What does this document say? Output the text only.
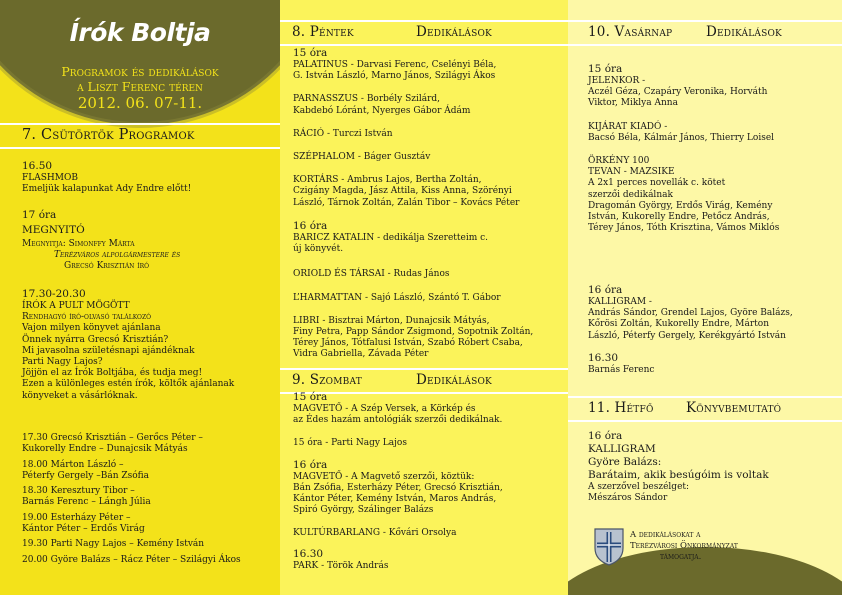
Írók Boltja
Programok és dedikálások
a Liszt Ferenc téren
2012. 06. 07-11.
7. Csütörtök Programok
16.50
FLASHMOB
Emeljük kalapunkat Ady Endre előtt!
17 óra
MEGNYITÓ
Megnyitja: Simonffy Márta
Terézváros alpolgármestere és
Grecsó Krisztián író
17.30-20.30
ÍRÓK A PULT MÖGÖTT
Rendhagyó író-olvasó találkozó
Vajon milyen könyvet ajánlana
Önnek nyárra Grecsó Krisztián?
Mi javasolna születésnapi ajándéknak
Parti Nagy Lajos?
Jöjjön el az Írók Boltjába, és tudja meg!
Ezen a különleges estén írók, költők ajánlanak
könyveket a vásárlóknak.
17.30 Grecsó Krisztián – Gerőcs Péter –
Kukorelly Endre – Dunajcsik Mátyás
18.00 Márton László –
Péterfy Gergely –Bán Zsófia
18.30 Keresztury Tibor –
Barnás Ferenc – Lángh Júlia
19.00 Esterházy Péter –
Kántor Péter – Erdős Virág
19.30 Parti Nagy Lajos – Kemény István
20.00 Györe Balázs – Rácz Péter – Szilágyi Ákos
8. Péntek	Dedikálások
15 óra
PALATINUS - Darvasi Ferenc, Cselényi Béla,
G. István László, Marno János, Szilágyi Ákos
PARNASSZUS - Borbély Szilárd,
Kabdebó Lóránt, Nyerges Gábor Ádám
RÁCIÓ - Turczi István
SZÉPHALOM - Báger Gusztáv
KORTÁRS - Ambrus Lajos, Bertha Zoltán,
Czigány Magda, Jász Attila, Kiss Anna, Szörényi
László, Tárnok Zoltán, Zalán Tibor – Kovács Péter
16 óra
BARICZ KATALIN - dedikálja Szeretteim c.
új könyvét.
ORIOLD ÉS TÁRSAI - Rudas János
L’HARMATTAN - Sajó László, Szántó T. Gábor
LIBRI - Bisztrai Márton, Dunajcsik Mátyás,
Finy Petra, Papp Sándor Zsigmond, Sopotnik Zoltán,
Térey János, Tótfalusi István, Szabó Róbert Csaba,
Vidra Gabriella, Závada Péter
9. Szombat	Dedikálások
15 óra
MAGVETŐ - A Szép Versek, a Körkép és
az Édes hazám antológiák szerzői dedikálnak.
15 óra - Parti Nagy Lajos
16 óra
MAGVETŐ - A Magvető szerzői, köztük:
Bán Zsófia, Esterházy Péter, Grecsó Krisztián,
Kántor Péter, Kemény István, Maros András,
Spiró György, Szálinger Balázs
KULTÚRBARLANG - Kővári Orsolya
16.30
PARK - Török András
10. Vasárnap Dedikálások
15 óra
JELENKOR -
Aczél Géza, Czapáry Veronika, Horváth
Viktor, Miklya Anna
KIJÁRAT KIADÓ -
Bacsó Béla, Kálmár János, Thierry Loisel
ÖRKÉNY 100
TEVAN - MAZSIKE
A 2x1 perces novellák c. kötet
szerzői dedikálnak
Dragomán György, Erdős Virág, Kemény
István, Kukorelly Endre, Petőcz András,
Térey János, Tóth Krisztina, Vámos Miklós
16 óra
KALLIGRAM -
András Sándor, Grendel Lajos, Györe Balázs,
Kőrösi Zoltán, Kukorelly Endre, Márton
László, Péterfy Gergely, Kerékgyártó István
16.30
Barnás Ferenc
11. Hétfő Könyvbemutató
16 óra
KALLIGRAM
Györe Balázs:
Barátaim, akik besúgóim is voltak
A szerzővel beszélget:
Mészáros Sándor
A dedikálásokat a
Terézvárosi Önkormányzat
támogatja.
